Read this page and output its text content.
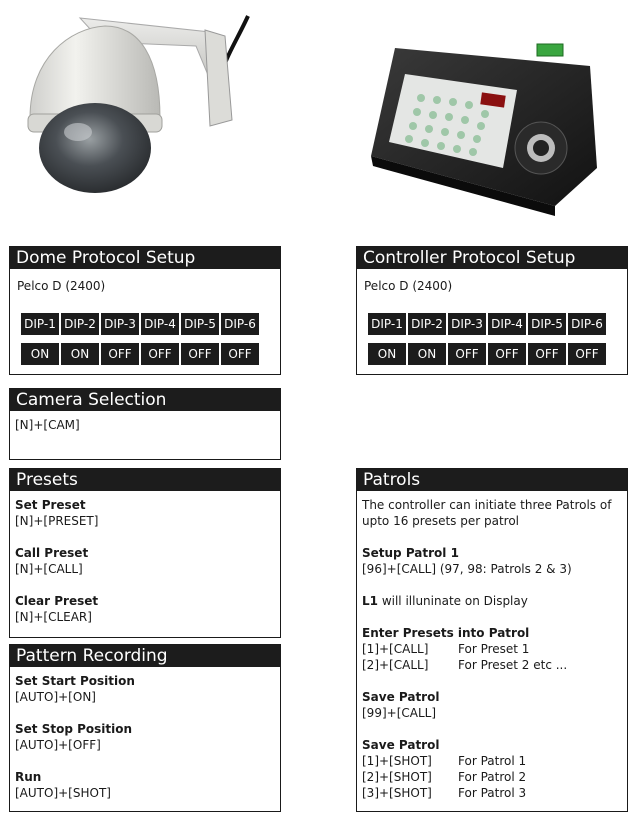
Dome Protocol Setup
Pelco D (2400)
DIP-1	DIP-2	DIP-3	DIP-4	DIP-5	DIP-6
ON	ON	OFF	OFF	OFF	OFF
Controller Protocol Setup
Pelco D (2400)
DIP-1	DIP-2	DIP-3	DIP-4	DIP-5	DIP-6
ON	ON	OFF	OFF	OFF	OFF
Camera Selection
[N]+[CAM]
Presets
Set Preset
[N]+[PRESET]
Call Preset
[N]+[CALL]
Clear Preset
[N]+[CLEAR]
Pattern Recording
Set Start Position
[AUTO]+[ON]
Set Stop Position
[AUTO]+[OFF]
Run
[AUTO]+[SHOT]
Patrols
The controller can initiate three Patrols of
upto 16 presets per patrol
Setup Patrol 1
[96]+[CALL] (97, 98: Patrols 2 & 3)
L1 will illuninate on Display
Enter Presets into Patrol
[1]+[CALL] For Preset 1
[2]+[CALL] For Preset 2 etc ...
Save Patrol
[99]+[CALL]
Save Patrol
[1]+[SHOT] For Patrol 1
[2]+[SHOT] For Patrol 2
[3]+[SHOT] For Patrol 3
